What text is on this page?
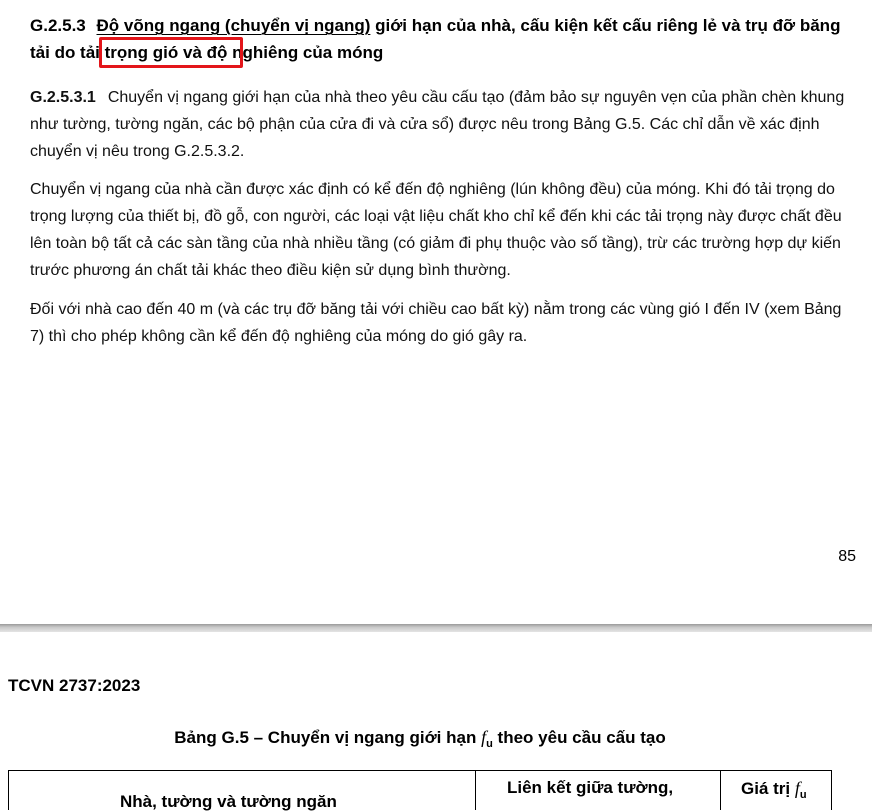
G.2.5.3 Độ võng ngang (chuyển vị ngang) giới hạn của nhà, cấu kiện kết cấu riêng lẻ và trụ đỡ băng tải do tải trọng gió và độ nghiêng của móng

G.2.5.3.1 Chuyển vị ngang giới hạn của nhà theo yêu cầu cấu tạo (đảm bảo sự nguyên vẹn của phần chèn khung như tường, tường ngăn, các bộ phận của cửa đi và cửa sổ) được nêu trong Bảng G.5. Các chỉ dẫn về xác định chuyển vị nêu trong G.2.5.3.2.

Chuyển vị ngang của nhà cần được xác định có kể đến độ nghiêng (lún không đều) của móng. Khi đó tải trọng do trọng lượng của thiết bị, đồ gỗ, con người, các loại vật liệu chất kho chỉ kể đến khi các tải trọng này được chất đều lên toàn bộ tất cả các sàn tầng của nhà nhiều tầng (có giảm đi phụ thuộc vào số tầng), trừ các trường hợp dự kiến trước phương án chất tải khác theo điều kiện sử dụng bình thường.

Đối với nhà cao đến 40 m (và các trụ đỡ băng tải với chiều cao bất kỳ) nằm trong các vùng gió I đến IV (xem Bảng 7) thì cho phép không cần kể đến độ nghiêng của móng do gió gây ra.

85
TCVN 2737:2023
Bảng G.5 – Chuyển vị ngang giới hạn $f_u$ theo yêu cầu cấu tạo
Nhà, tường và tường ngăn
Liên kết giữa tường,	Giá trị $f_u$
